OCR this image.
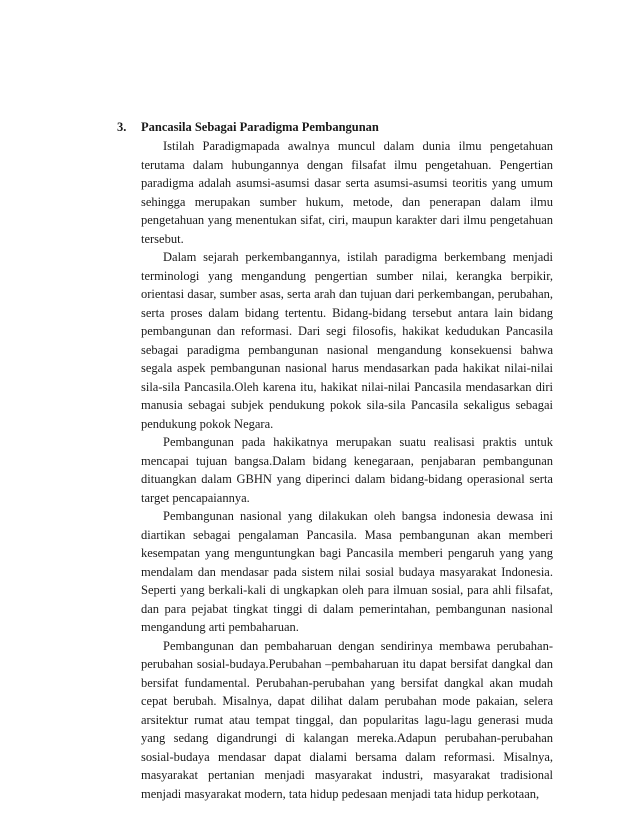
3. Pancasila Sebagai Paradigma Pembangunan

Istilah Paradigmapada awalnya muncul dalam dunia ilmu pengetahuan terutama dalam hubungannya dengan filsafat ilmu pengetahuan. Pengertian paradigma adalah asumsi-asumsi dasar serta asumsi-asumsi teoritis yang umum sehingga merupakan sumber hukum, metode, dan penerapan dalam ilmu pengetahuan yang menentukan sifat, ciri, maupun karakter dari ilmu pengetahuan tersebut.

Dalam sejarah perkembangannya, istilah paradigma berkembang menjadi terminologi yang mengandung pengertian sumber nilai, kerangka berpikir, orientasi dasar, sumber asas, serta arah dan tujuan dari perkembangan, perubahan, serta proses dalam bidang tertentu. Bidang-bidang tersebut antara lain bidang pembangunan dan reformasi. Dari segi filosofis, hakikat kedudukan Pancasila sebagai paradigma pembangunan nasional mengandung konsekuensi bahwa segala aspek pembangunan nasional harus mendasarkan pada hakikat nilai-nilai sila-sila Pancasila.Oleh karena itu, hakikat nilai-nilai Pancasila mendasarkan diri manusia sebagai subjek pendukung pokok sila-sila Pancasila sekaligus sebagai pendukung pokok Negara.

Pembangunan pada hakikatnya merupakan suatu realisasi praktis untuk mencapai tujuan bangsa.Dalam bidang kenegaraan, penjabaran pembangunan dituangkan dalam GBHN yang diperinci dalam bidang-bidang operasional serta target pencapaiannya.

Pembangunan nasional yang dilakukan oleh bangsa indonesia dewasa ini diartikan sebagai pengalaman Pancasila. Masa pembangunan akan memberi kesempatan yang menguntungkan bagi Pancasila memberi pengaruh yang yang mendalam dan mendasar pada sistem nilai sosial budaya masyarakat Indonesia. Seperti yang berkali-kali di ungkapkan oleh para ilmuan sosial, para ahli filsafat, dan para pejabat tingkat tinggi di dalam pemerintahan, pembangunan nasional mengandung arti pembaharuan.

Pembangunan dan pembaharuan dengan sendirinya membawa perubahan-perubahan sosial-budaya.Perubahan –pembaharuan itu dapat bersifat dangkal dan bersifat fundamental. Perubahan-perubahan yang bersifat dangkal akan mudah cepat berubah. Misalnya, dapat dilihat dalam perubahan mode pakaian, selera arsitektur rumat atau tempat tinggal, dan popularitas lagu-lagu generasi muda yang sedang digandrungi di kalangan mereka.Adapun perubahan-perubahan sosial-budaya mendasar dapat dialami bersama dalam reformasi. Misalnya, masyarakat pertanian menjadi masyarakat industri, masyarakat tradisional menjadi masyarakat modern, tata hidup pedesaan menjadi tata hidup perkotaan,
